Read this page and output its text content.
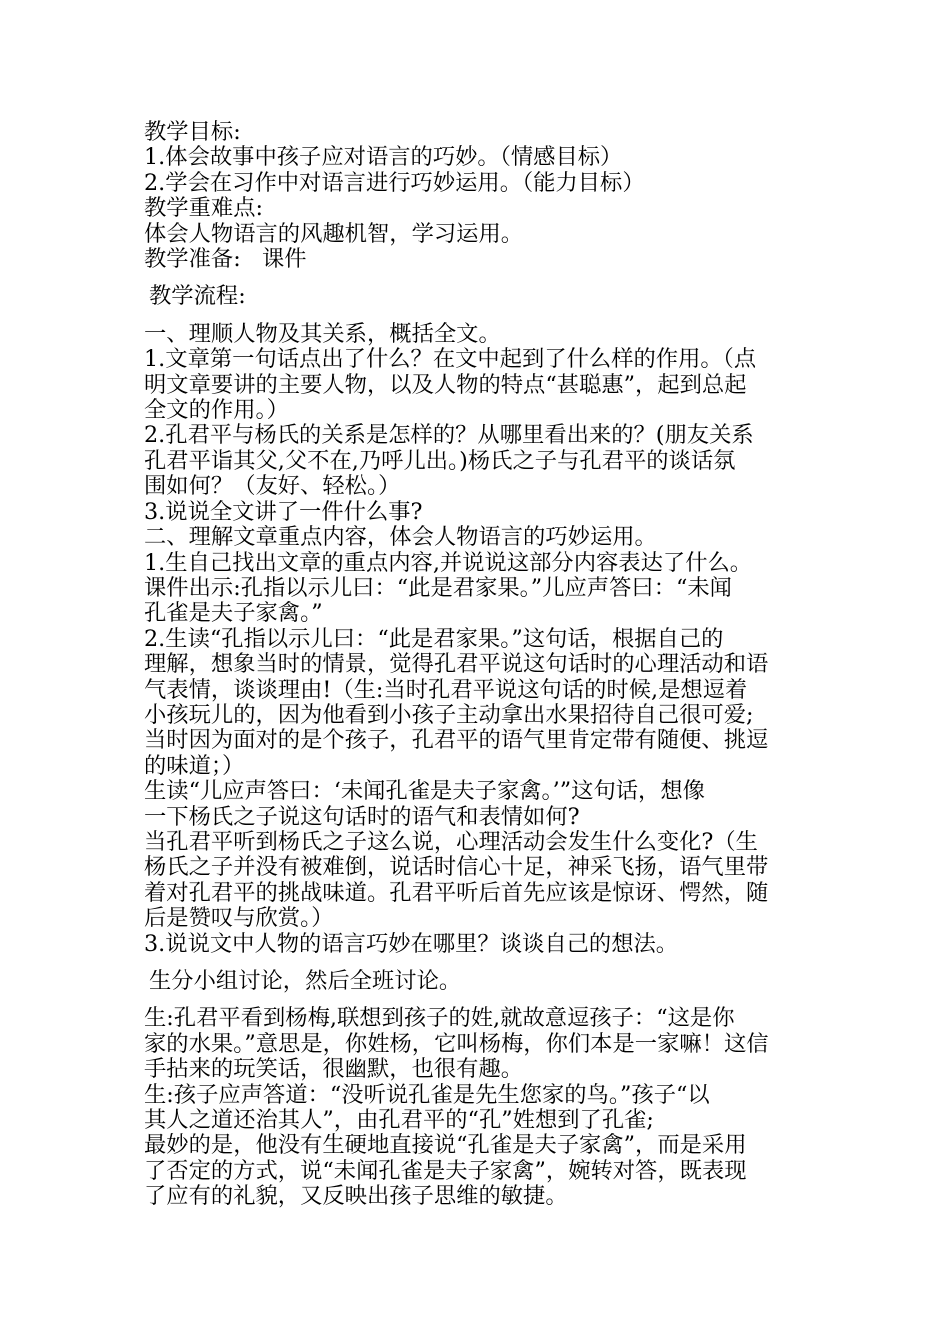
教学目标:
1.体会故事中孩子应对语言的巧妙。（情感目标）
2.学会在习作中对语言进行巧妙运用。（能力目标）
教学重难点:
体会人物语言的风趣机智，学习运用。
教学准备:   课件
教学流程:
一、理顺人物及其关系，概括全文。
1.文章第一句话点出了什么？在文中起到了什么样的作用。（点
明文章要讲的主要人物，以及人物的特点“甚聪惠”，起到总起
全文的作用。）
2.孔君平与杨氏的关系是怎样的？从哪里看出来的？(朋友关系
孔君平诣其父,父不在,乃呼儿出。)杨氏之子与孔君平的谈话氛
围如何？（友好、轻松。）
3.说说全文讲了一件什么事?
二、理解文章重点内容，体会人物语言的巧妙运用。
1.生自己找出文章的重点内容,并说说这部分内容表达了什么。
课件出示:孔指以示儿曰：“此是君家果。”儿应声答曰：“未闻
孔雀是夫子家禽。”
2.生读“孔指以示儿曰：“此是君家果。”这句话，根据自己的
理解，想象当时的情景，觉得孔君平说这句话时的心理活动和语
气表情，谈谈理由!（生:当时孔君平说这句话的时候,是想逗着
小孩玩儿的，因为他看到小孩子主动拿出水果招待自己很可爱;
当时因为面对的是个孩子，孔君平的语气里肯定带有随便、挑逗
的味道；）
生读“儿应声答曰：‘未闻孔雀是夫子家禽。’”这句话，想像
一下杨氏之子说这句话时的语气和表情如何?
当孔君平听到杨氏之子这么说，心理活动会发生什么变化?（生
杨氏之子并没有被难倒，说话时信心十足，神采飞扬，语气里带
着对孔君平的挑战味道。孔君平听后首先应该是惊讶、愕然，随
后是赞叹与欣赏。）
3.说说文中人物的语言巧妙在哪里？谈谈自己的想法。
生分小组讨论，然后全班讨论。
生:孔君平看到杨梅,联想到孩子的姓,就故意逗孩子：“这是你
家的水果。”意思是，你姓杨，它叫杨梅，你们本是一家嘛！这信
手拈来的玩笑话，很幽默，也很有趣。
生:孩子应声答道：“没听说孔雀是先生您家的鸟。”孩子“以
其人之道还治其人”，由孔君平的“孔”姓想到了孔雀;
最妙的是，他没有生硬地直接说“孔雀是夫子家禽”，而是采用
了否定的方式，说“未闻孔雀是夫子家禽”，婉转对答，既表现
了应有的礼貌，又反映出孩子思维的敏捷。
